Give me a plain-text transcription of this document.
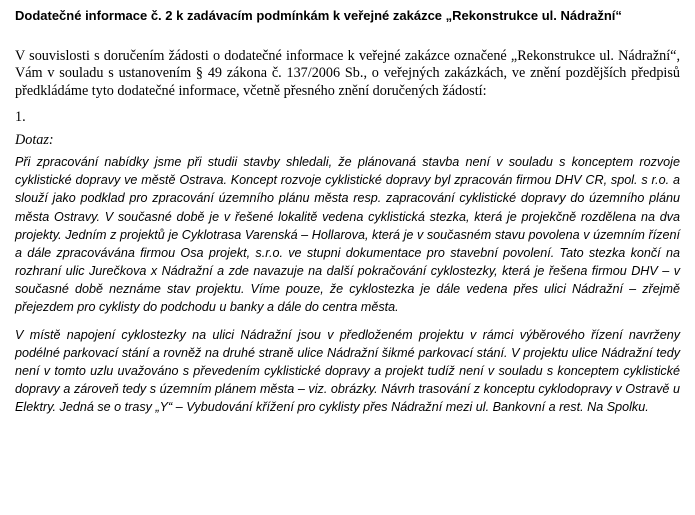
Dodatečné informace č. 2 k zadávacím podmínkám k veřejné zakázce „Rekonstrukce ul. Nádražní“

V souvislosti s doručením žádosti o dodatečné informace k veřejné zakázce označené „Rekonstrukce ul. Nádražní“, Vám v souladu s ustanovením § 49 zákona č. 137/2006 Sb., o veřejných zakázkách, ve znění pozdějších předpisů předkládáme tyto dodatečné informace, včetně přesného znění doručených žádostí:

1.
Dotaz:

Při zpracování nabídky jsme při studii stavby shledali, že plánovaná stavba není v souladu s konceptem rozvoje cyklistické dopravy ve městě Ostrava. Koncept rozvoje cyklistické dopravy byl zpracován firmou DHV CR, spol. s r.o. a slouží jako podklad pro zpracování územního plánu města resp. zapracování cyklistické dopravy do územního plánu města Ostravy. V současné době je v řešené lokalitě vedena cyklistická stezka, která je projekčně rozdělena na dva projekty. Jedním z projektů je Cyklotrasa Varenská – Hollarova, která je v současném stavu povolena v územním řízení a dále zpracovávána firmou Osa projekt, s.r.o. ve stupni dokumentace pro stavební povolení. Tato stezka končí na rozhraní ulic Jurečkova x Nádražní a zde navazuje na další pokračování cyklostezky, která je řešena firmou DHV – v současné době neznáme stav projektu. Víme pouze, že cyklostezka je dále vedena přes ulici Nádražní – zřejmě přejezdem pro cyklisty do podchodu u banky a dále do centra města.

V místě napojení cyklostezky na ulici Nádražní jsou v předloženém projektu v rámci výběrového řízení navrženy podélné parkovací stání a rovněž na druhé straně ulice Nádražní šikmé parkovací stání. V projektu ulice Nádražní tedy není v tomto uzlu uvažováno s převedením cyklistické dopravy a projekt tudíž není v souladu s konceptem cyklistické dopravy a zároveň tedy s územním plánem města – viz. obrázky. Návrh trasování z konceptu cyklodopravy v Ostravě u Elektry. Jedná se o trasy „Y“ – Vybudování křížení pro cyklisty přes Nádražní mezi ul. Bankovní a rest. Na Spolku.
